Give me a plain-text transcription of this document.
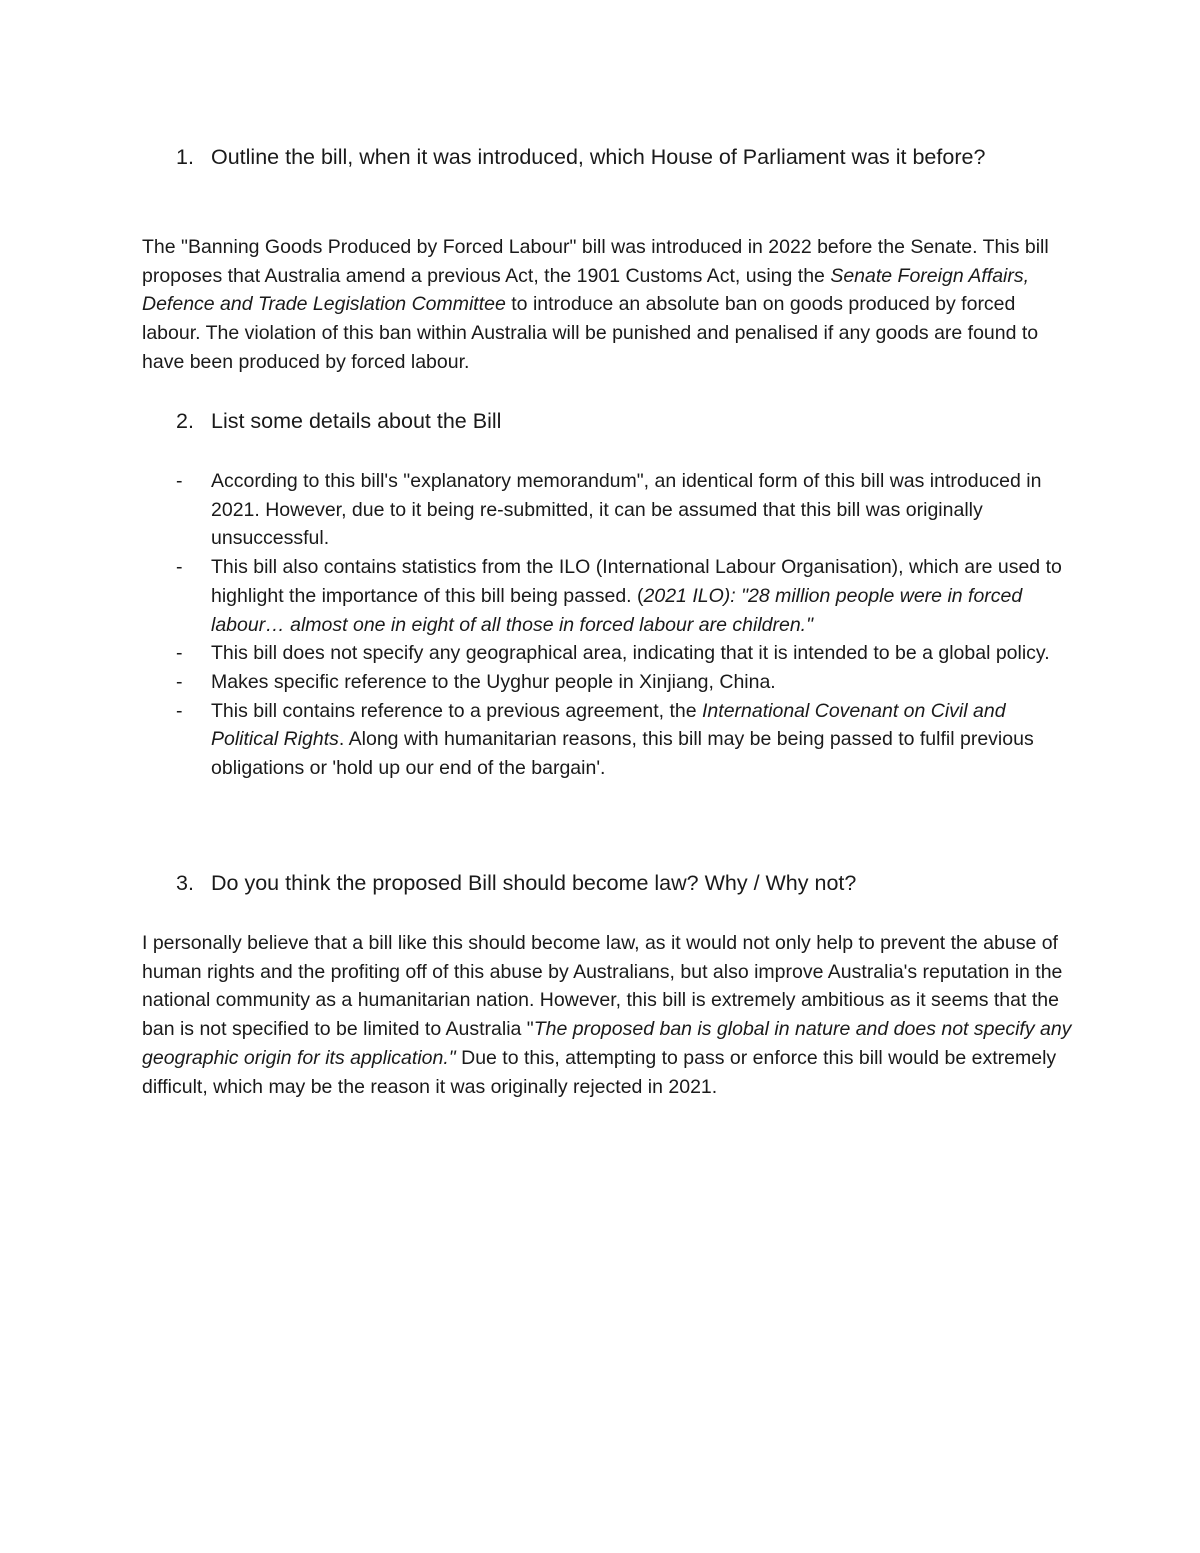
1. Outline the bill, when it was introduced, which House of Parliament was it before?
The "Banning Goods Produced by Forced Labour" bill was introduced in 2022 before the Senate. This bill proposes that Australia amend a previous Act, the 1901 Customs Act, using the Senate Foreign Affairs, Defence and Trade Legislation Committee to introduce an absolute ban on goods produced by forced labour. The violation of this ban within Australia will be punished and penalised if any goods are found to have been produced by forced labour.
2. List some details about the Bill
- According to this bill's "explanatory memorandum", an identical form of this bill was introduced in 2021. However, due to it being re-submitted, it can be assumed that this bill was originally unsuccessful.
- This bill also contains statistics from the ILO (International Labour Organisation), which are used to highlight the importance of this bill being passed. (2021 ILO): "28 million people were in forced labour… almost one in eight of all those in forced labour are children."
- This bill does not specify any geographical area, indicating that it is intended to be a global policy.
- Makes specific reference to the Uyghur people in Xinjiang, China.
- This bill contains reference to a previous agreement, the International Covenant on Civil and Political Rights. Along with humanitarian reasons, this bill may be being passed to fulfil previous obligations or 'hold up our end of the bargain'.
3. Do you think the proposed Bill should become law? Why / Why not?
I personally believe that a bill like this should become law, as it would not only help to prevent the abuse of human rights and the profiting off of this abuse by Australians, but also improve Australia's reputation in the national community as a humanitarian nation. However, this bill is extremely ambitious as it seems that the ban is not specified to be limited to Australia "The proposed ban is global in nature and does not specify any geographic origin for its application." Due to this, attempting to pass or enforce this bill would be extremely difficult, which may be the reason it was originally rejected in 2021.
